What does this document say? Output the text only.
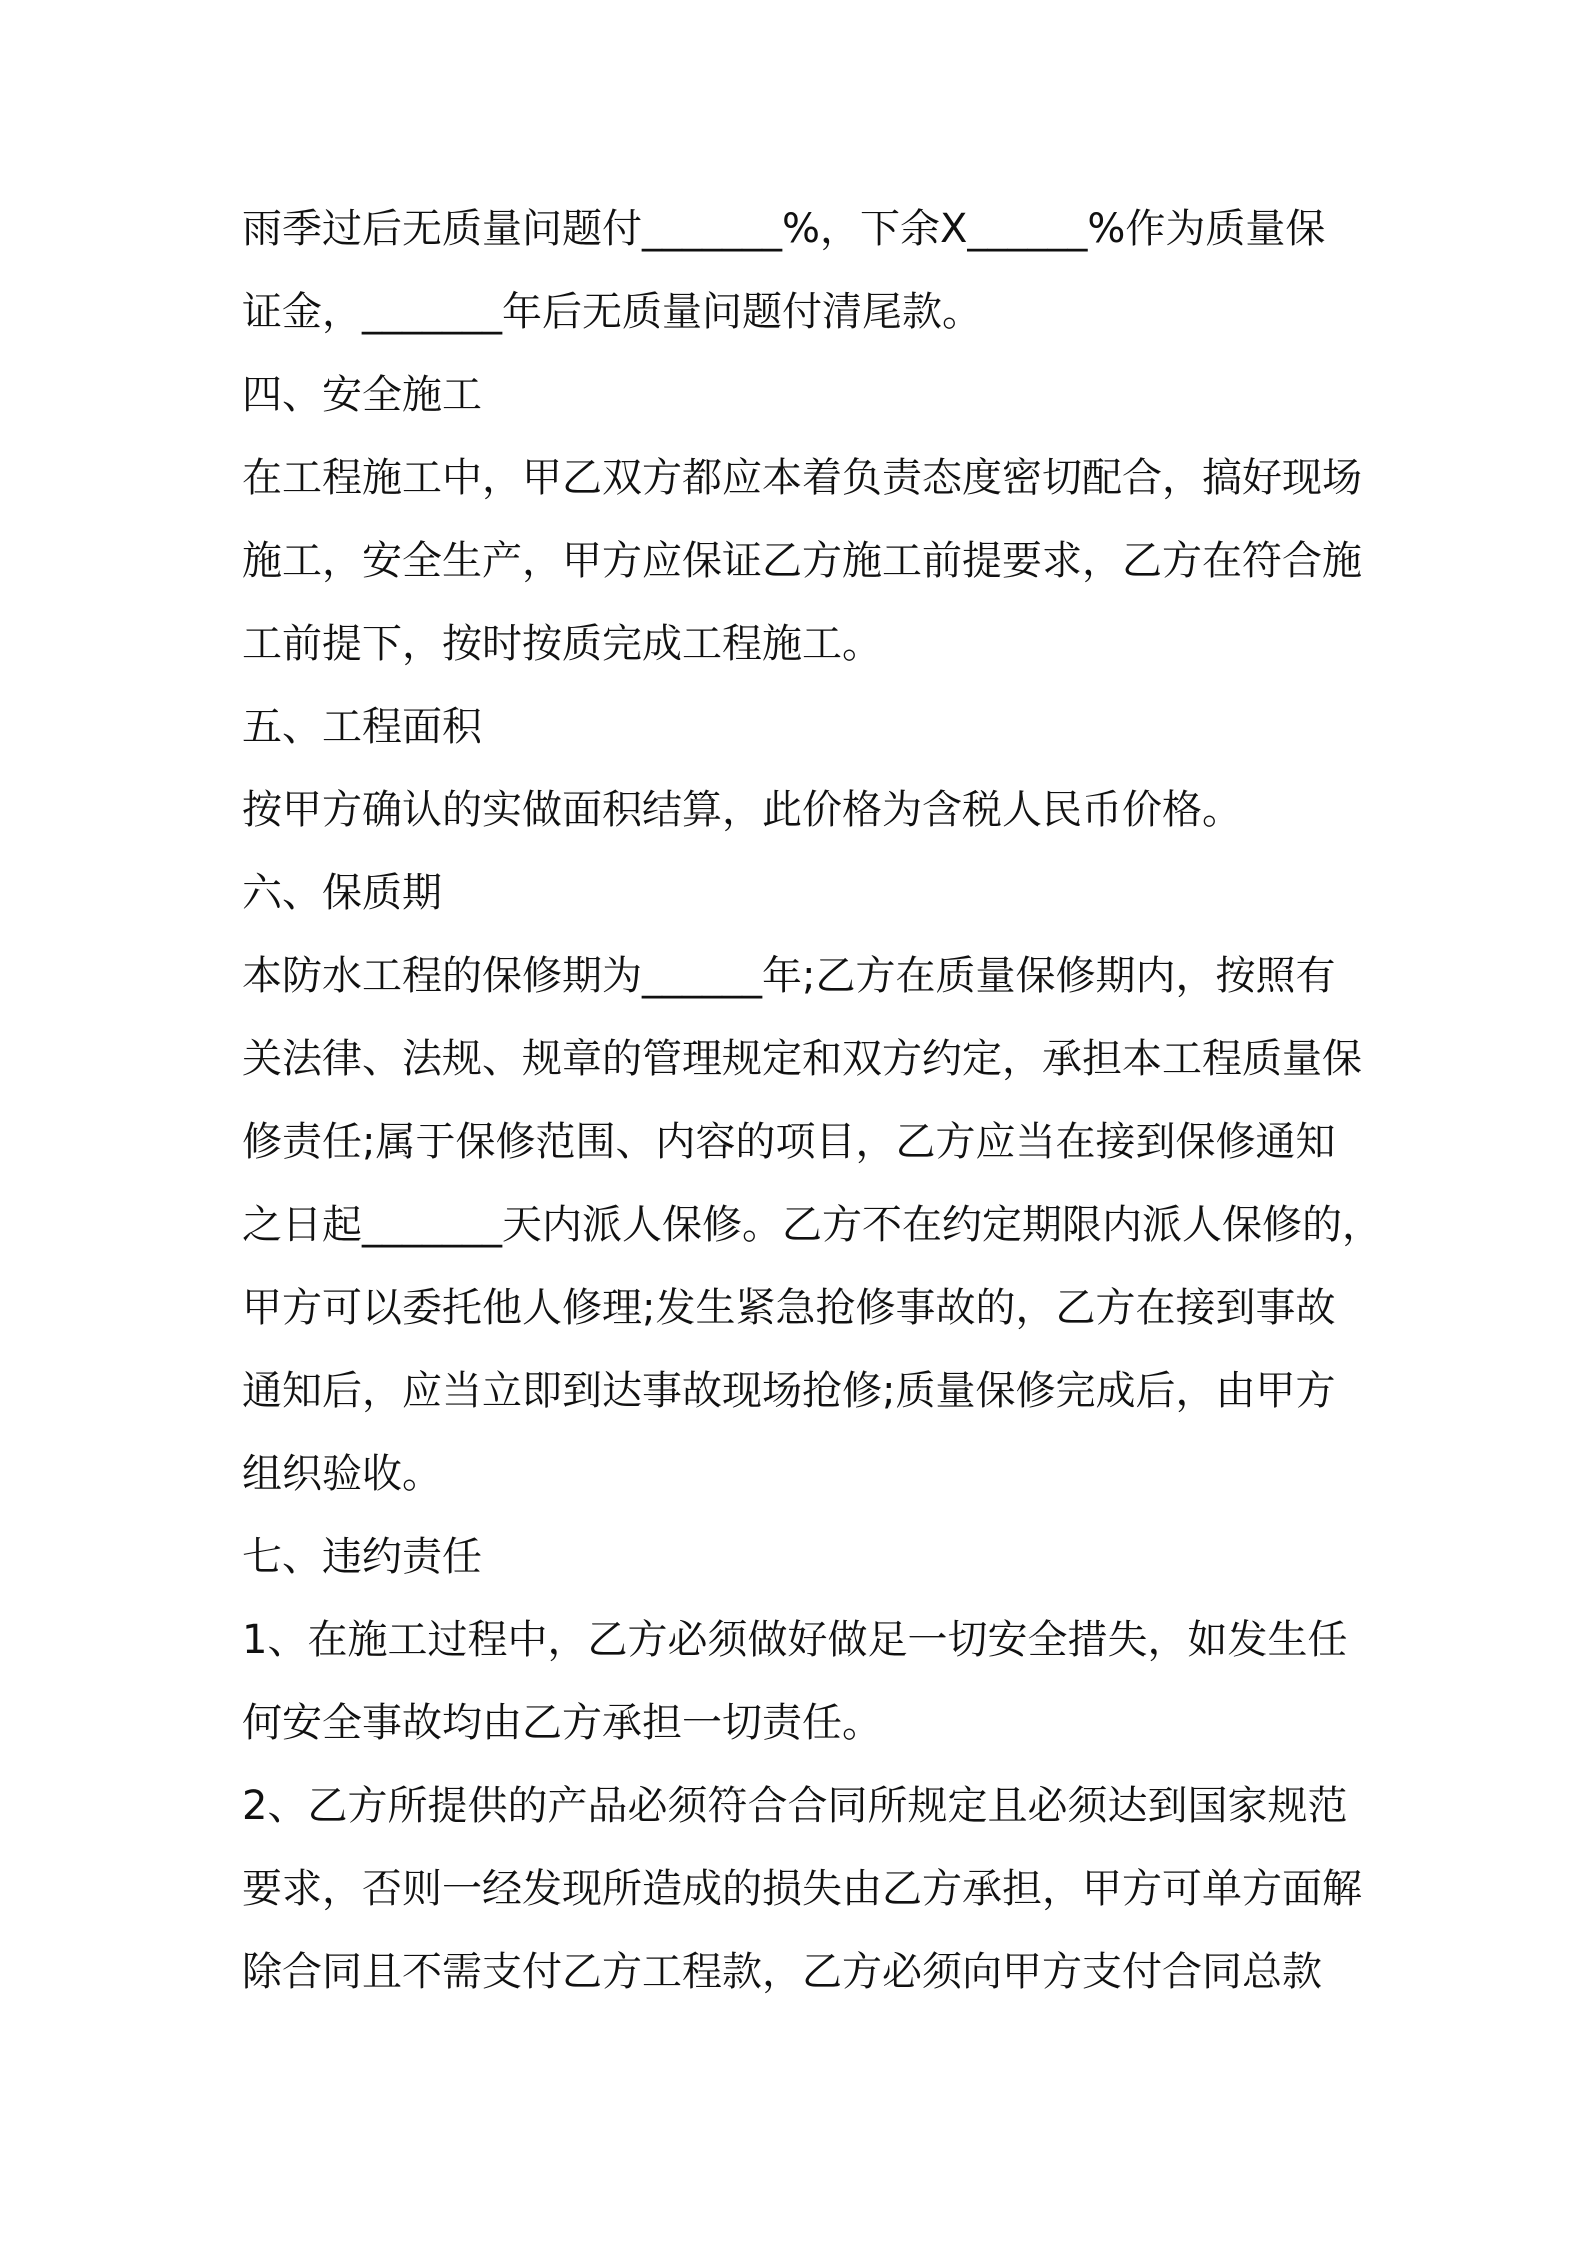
雨季过后无质量问题付_______%，下余X______%作为质量保
证金，_______年后无质量问题付清尾款。
四、安全施工
在工程施工中，甲乙双方都应本着负责态度密切配合，搞好现场
施工，安全生产，甲方应保证乙方施工前提要求，乙方在符合施
工前提下，按时按质完成工程施工。
五、工程面积
按甲方确认的实做面积结算，此价格为含税人民币价格。
六、保质期
本防水工程的保修期为______年;乙方在质量保修期内，按照有
关法律、法规、规章的管理规定和双方约定，承担本工程质量保
修责任;属于保修范围、内容的项目，乙方应当在接到保修通知
之日起_______天内派人保修。乙方不在约定期限内派人保修的，
甲方可以委托他人修理;发生紧急抢修事故的，乙方在接到事故
通知后，应当立即到达事故现场抢修;质量保修完成后，由甲方
组织验收。
七、违约责任
1、在施工过程中，乙方必须做好做足一切安全措失，如发生任
何安全事故均由乙方承担一切责任。
2、乙方所提供的产品必须符合合同所规定且必须达到国家规范
要求，否则一经发现所造成的损失由乙方承担，甲方可单方面解
除合同且不需支付乙方工程款，乙方必须向甲方支付合同总款
